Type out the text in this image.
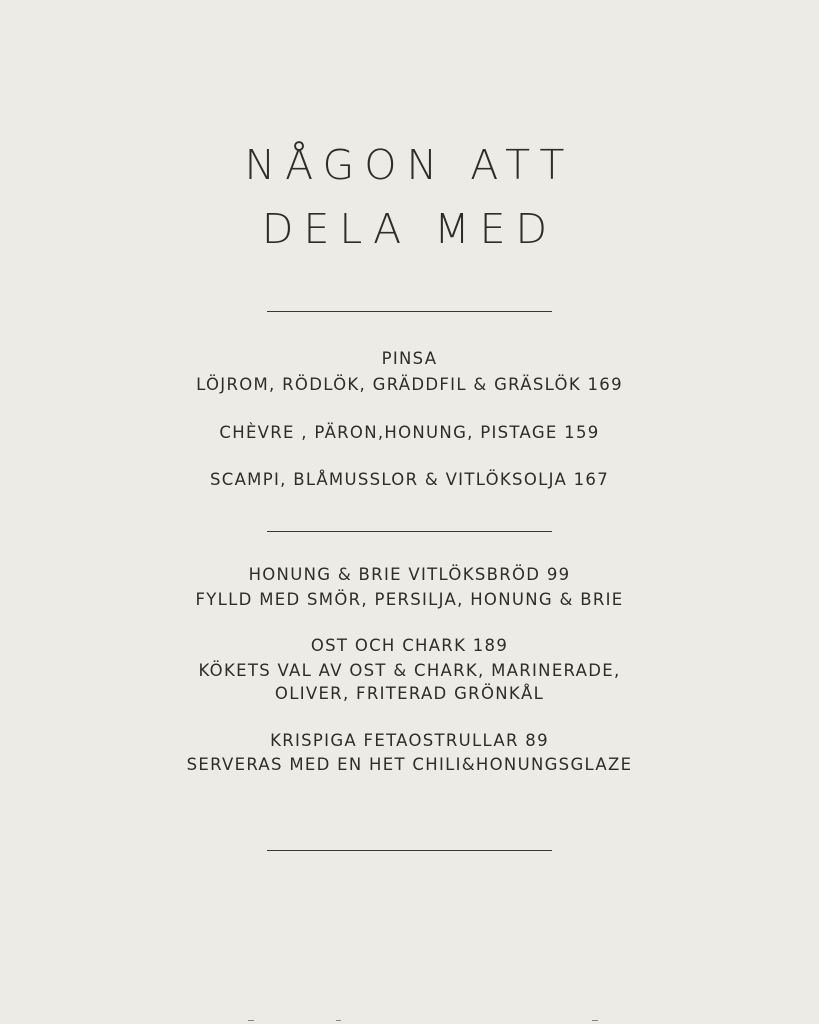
NÅGON ATT
DELA MED
PINSA
LÖJROM, RÖDLÖK, GRÄDDFIL & GRÄSLÖK 169
CHÈVRE , PÄRON,HONUNG, PISTAGE 159
SCAMPI, BLÅMUSSLOR & VITLÖKSOLJA 167
HONUNG & BRIE VITLÖKSBRÖD 99
FYLLD MED SMÖR, PERSILJA, HONUNG & BRIE
OST OCH CHARK 189
KÖKETS VAL AV OST & CHARK, MARINERADE,
OLIVER, FRITERAD GRÖNKÅL
KRISPIGA FETAOSTRULLAR 89
SERVERAS MED EN HET CHILI&HONUNGSGLAZE
